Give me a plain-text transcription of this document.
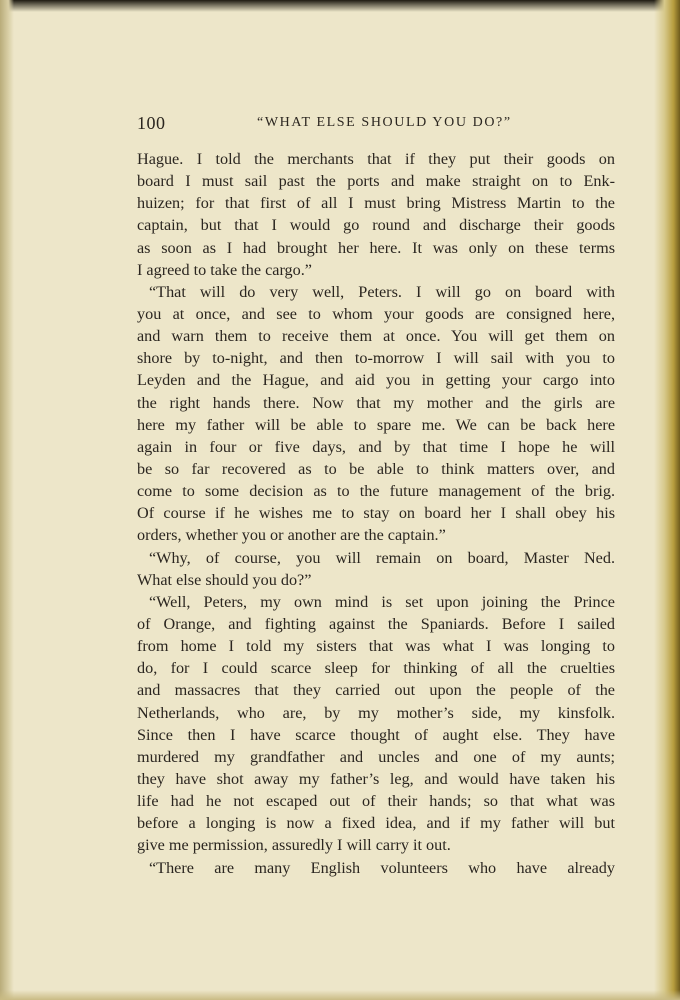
100	“WHAT ELSE SHOULD YOU DO?”
Hague. I told the merchants that if they put their goods on
board I must sail past the ports and make straight on to Enk-
huizen; for that first of all I must bring Mistress Martin to the
captain, but that I would go round and discharge their goods
as soon as I had brought her here. It was only on these terms
I agreed to take the cargo.”
“That will do very well, Peters. I will go on board with
you at once, and see to whom your goods are consigned here,
and warn them to receive them at once. You will get them on
shore by to-night, and then to-morrow I will sail with you to
Leyden and the Hague, and aid you in getting your cargo into
the right hands there. Now that my mother and the girls are
here my father will be able to spare me. We can be back here
again in four or five days, and by that time I hope he will
be so far recovered as to be able to think matters over, and
come to some decision as to the future management of the brig.
Of course if he wishes me to stay on board her I shall obey his
orders, whether you or another are the captain.”
“Why, of course, you will remain on board, Master Ned.
What else should you do?”
“Well, Peters, my own mind is set upon joining the Prince
of Orange, and fighting against the Spaniards. Before I sailed
from home I told my sisters that was what I was longing to
do, for I could scarce sleep for thinking of all the cruelties
and massacres that they carried out upon the people of the
Netherlands, who are, by my mother’s side, my kinsfolk.
Since then I have scarce thought of aught else. They have
murdered my grandfather and uncles and one of my aunts;
they have shot away my father’s leg, and would have taken his
life had he not escaped out of their hands; so that what was
before a longing is now a fixed idea, and if my father will but
give me permission, assuredly I will carry it out.
“There are many English volunteers who have already
